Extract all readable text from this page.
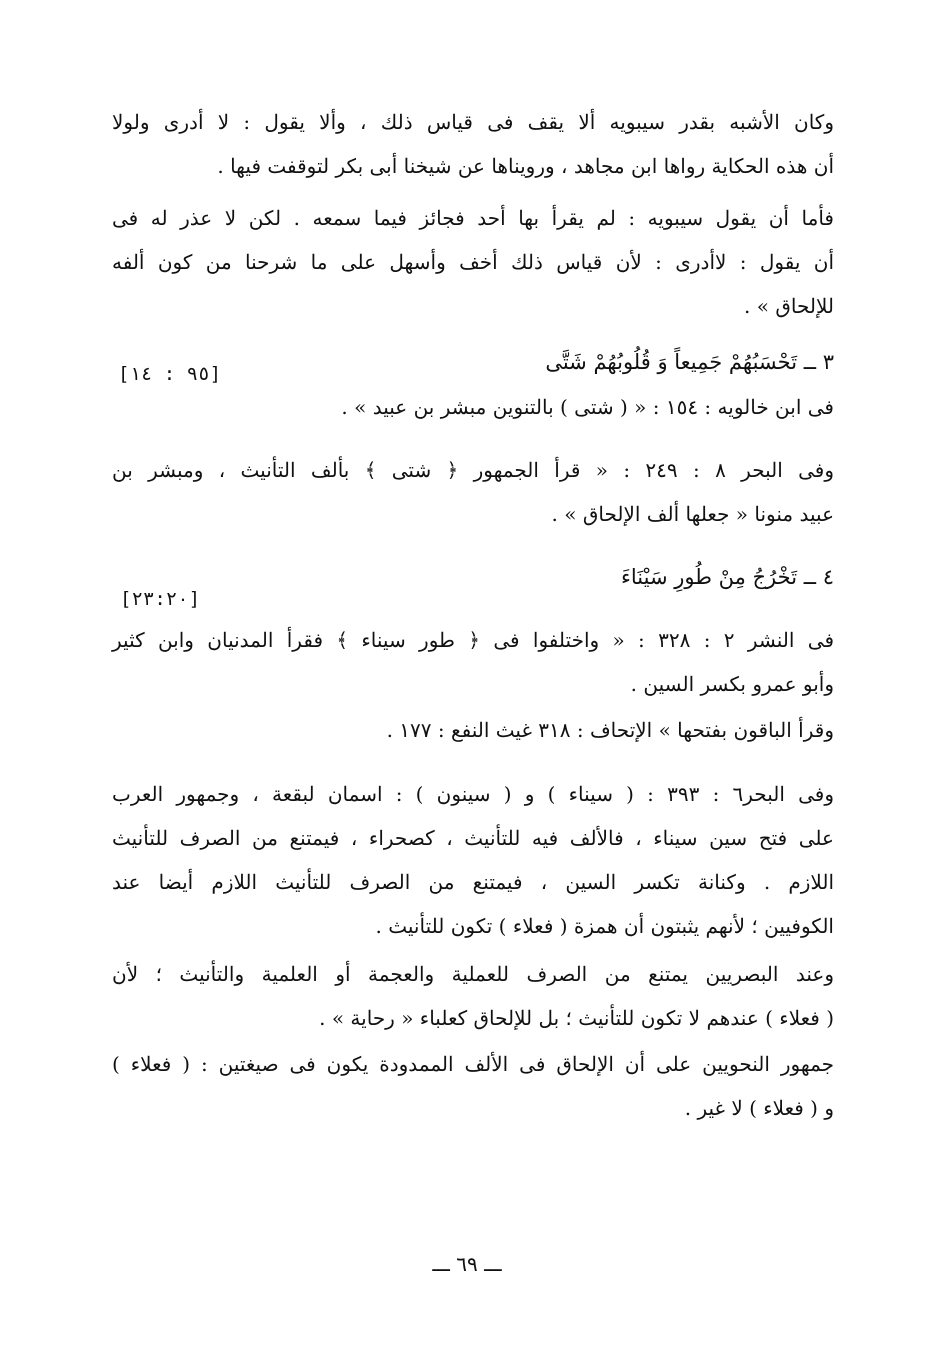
وكان الأشبه بقدر سيبويه ألا يقف فى قياس ذلك ، وألا يقول : لا أدرى ولولا
أن هذه الحكاية رواها ابن مجاهد ، ورويناها عن شيخنا أبى بكر لتوقفت فيها .
فأما أن يقول سيبويه : لم يقرأ بها أحد فجائز فيما سمعه . لكن لا عذر له فى
أن يقول : لاأدرى : لأن قياس ذلك أخف وأسهل على ما شرحنا من كون ألفه
للإلحاق » .
٣ ــ تَحْسَبُهُمْ جَمِيعاً وَ قُلُوبُهُمْ شَتَّى
[٩٥ : ١٤]
فى ابن خالويه : ١٥٤ : « ( شتى ) بالتنوين مبشر بن عبيد » .
وفى البحر ٨ : ٢٤٩ : « قرأ الجمهور ﴿ شتى ﴾ بألف التأنيث ، ومبشر بن
عبيد منونا « جعلها ألف الإلحاق » .
٤ ــ تَخْرُجُ مِنْ طُورِ سَيْنَاءَ
[٢٣:٢٠]
فى النشر ٢ : ٣٢٨ : « واختلفوا فى ﴿ طور سيناء ﴾ فقرأ المدنيان وابن كثير
وأبو عمرو بكسر السين .
وقرأ الباقون بفتحها » الإتحاف : ٣١٨ غيث النفع : ١٧٧ .
وفى البحر٦ : ٣٩٣ : ( سيناء ) و ( سينون ) : اسمان لبقعة ، وجمهور العرب
على فتح سين سيناء ، فالألف فيه للتأنيث ، كصحراء ، فيمتنع من الصرف للتأنيث
اللازم . وكنانة تكسر السين ، فيمتنع من الصرف للتأنيث اللازم أيضا عند
الكوفيين ؛ لأنهم يثبتون أن همزة ( فعلاء ) تكون للتأنيث .
وعند البصريين يمتنع من الصرف للعملية والعجمة أو العلمية والتأنيث ؛ لأن
( فعلاء ) عندهم لا تكون للتأنيث ؛ بل للإلحاق كعلباء « رحاية » .
جمهور النحويين على أن الإلحاق فى الألف الممدودة يكون فى صيغتين : ( فعلاء )
و ( فعلاء ) لا غير .
ـــ ٦٩ ـــ
